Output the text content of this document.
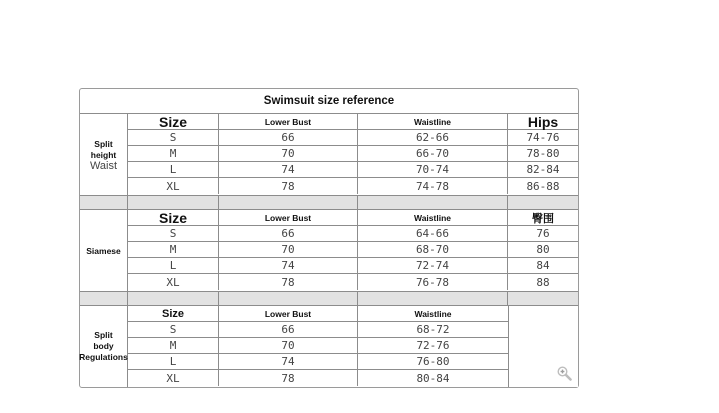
Swimsuit size reference
Split
height
Waist
Size	Lower Bust	Waistline	Hips
S	66	62-66	74-76
M	70	66-70	78-80
L	74	70-74	82-84
XL	78	74-78	86-88
Siamese
Size	Lower Bust	Waistline	臀围
S	66	64-66	76
M	70	68-70	80
L	74	72-74	84
XL	78	76-78	88
Split
body
Regulations
Size	Lower Bust	Waistline
S	66	68-72
M	70	72-76
L	74	76-80
XL	78	80-84
